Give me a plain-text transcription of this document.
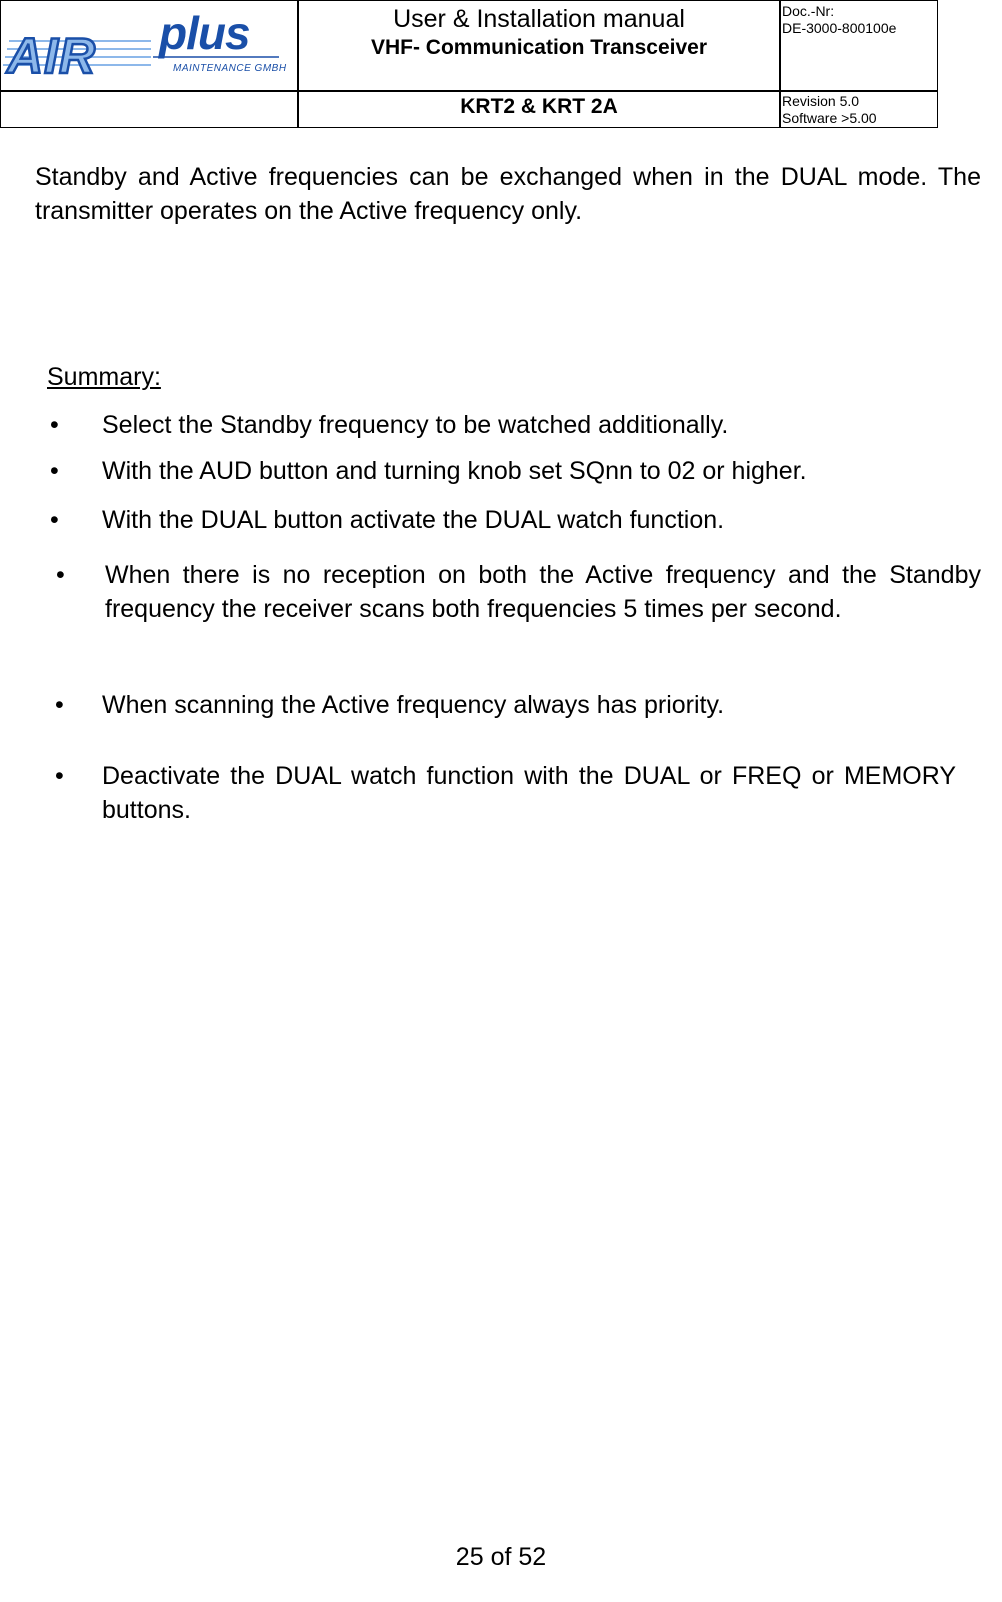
AIR plus
MAINTENANCE GMBH
User & Installation manual
VHF- Communication Transceiver
Doc.-Nr:
DE-3000-800100e
KRT2 & KRT 2A	Revision 5.0
Software >5.00
Standby and Active frequencies can be exchanged when in the DUAL mode. The transmitter operates on the Active frequency only.
Summary:
•	Select the Standby frequency to be watched additionally.
•	With the AUD button and turning knob set SQnn to 02 or higher.
•	With the DUAL button activate the DUAL watch function.
•	When there is no reception on both the Active frequency and the Standby frequency the receiver scans both frequencies 5 times per second.
•	When scanning the Active frequency always has priority.
•	Deactivate the DUAL watch function with the DUAL or FREQ or MEMORY buttons.
25 of 52
